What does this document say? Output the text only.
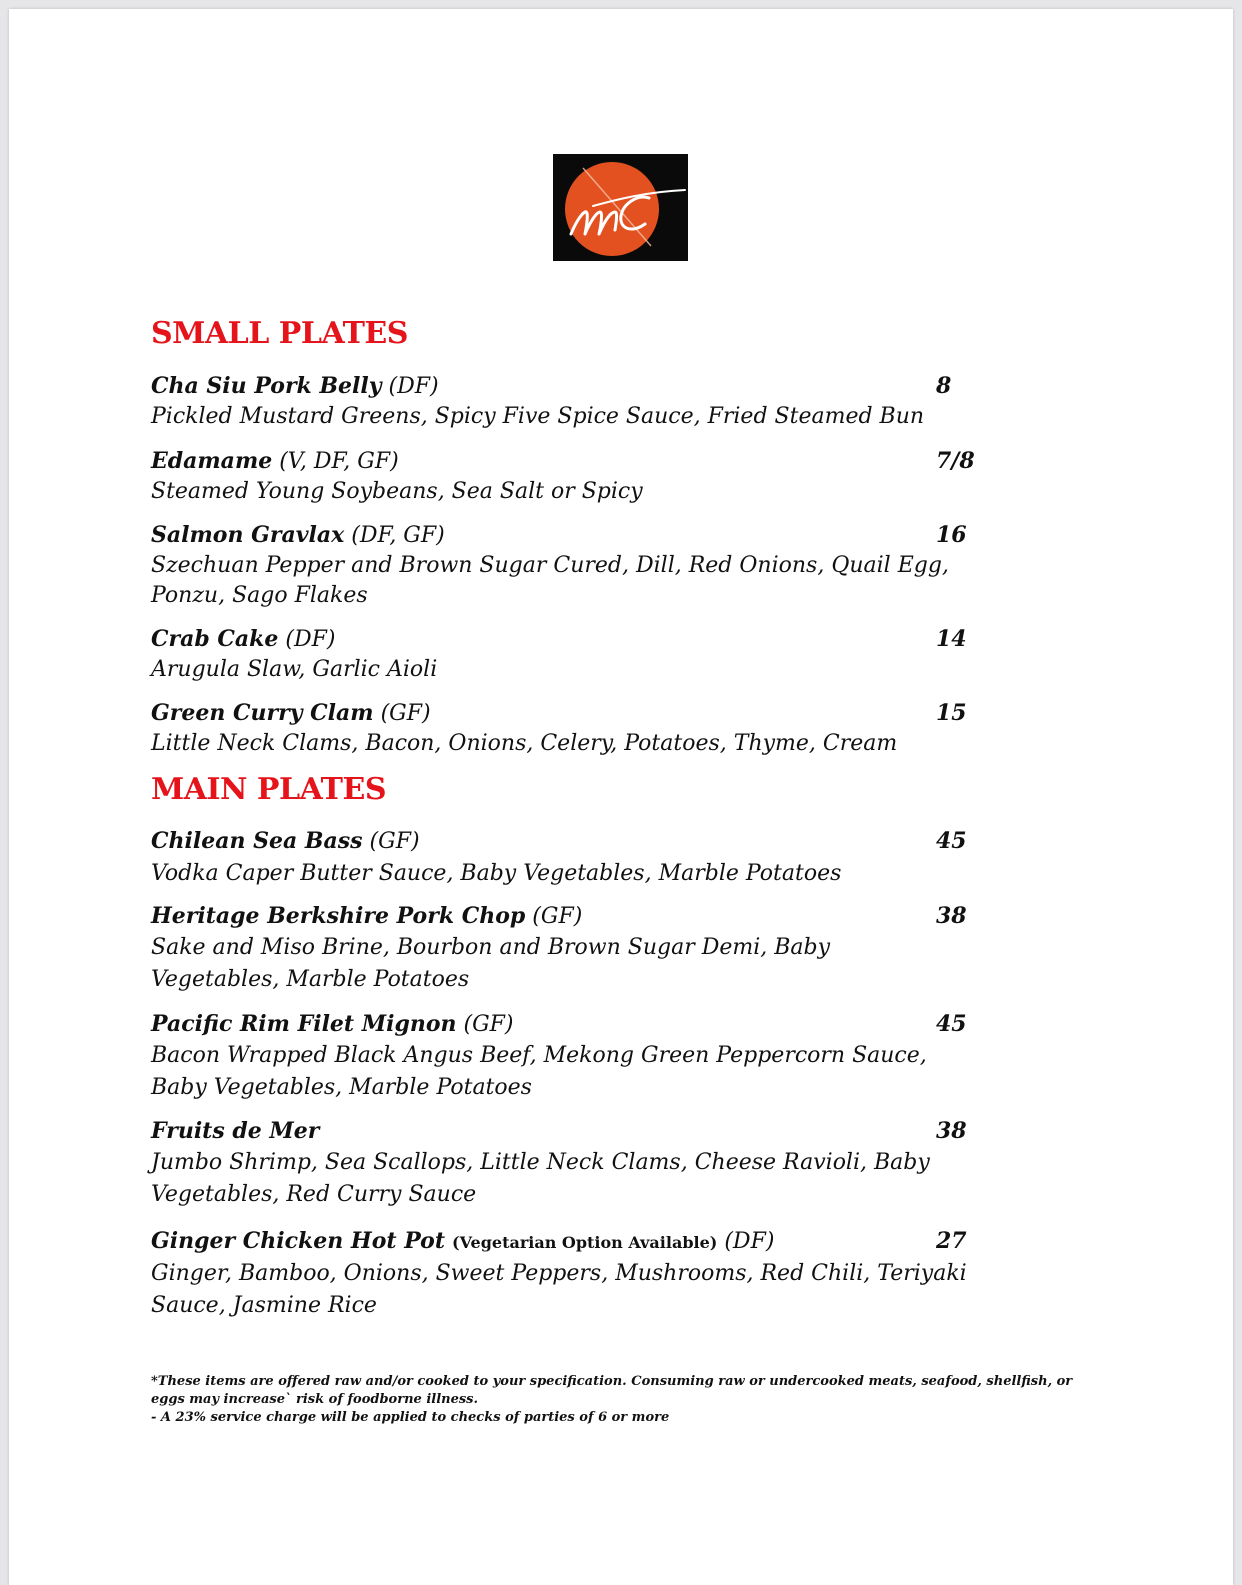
SMALL PLATES
Cha Siu Pork Belly (DF)	8
Pickled Mustard Greens, Spicy Five Spice Sauce, Fried Steamed Bun
Edamame (V, DF, GF)	7/8
Steamed Young Soybeans, Sea Salt or Spicy
Salmon Gravlax (DF, GF)	16
Szechuan Pepper and Brown Sugar Cured, Dill, Red Onions, Quail Egg, Ponzu, Sago Flakes
Crab Cake (DF)	14
Arugula Slaw, Garlic Aioli
Green Curry Clam (GF)	15
Little Neck Clams, Bacon, Onions, Celery, Potatoes, Thyme, Cream
MAIN PLATES
Chilean Sea Bass (GF)	45
Vodka Caper Butter Sauce, Baby Vegetables, Marble Potatoes
Heritage Berkshire Pork Chop (GF)	38
Sake and Miso Brine, Bourbon and Brown Sugar Demi, Baby Vegetables, Marble Potatoes
Pacific Rim Filet Mignon (GF)	45
Bacon Wrapped Black Angus Beef, Mekong Green Peppercorn Sauce, Baby Vegetables, Marble Potatoes
Fruits de Mer	38
Jumbo Shrimp, Sea Scallops, Little Neck Clams, Cheese Ravioli, Baby Vegetables, Red Curry Sauce
Ginger Chicken Hot Pot (Vegetarian Option Available) (DF)	27
Ginger, Bamboo, Onions, Sweet Peppers, Mushrooms, Red Chili, Teriyaki Sauce, Jasmine Rice

*These items are offered raw and/or cooked to your specification. Consuming raw or undercooked meats, seafood, shellfish, or eggs may increase` risk of foodborne illness.

- A 23% service charge will be applied to checks of parties of 6 or more
